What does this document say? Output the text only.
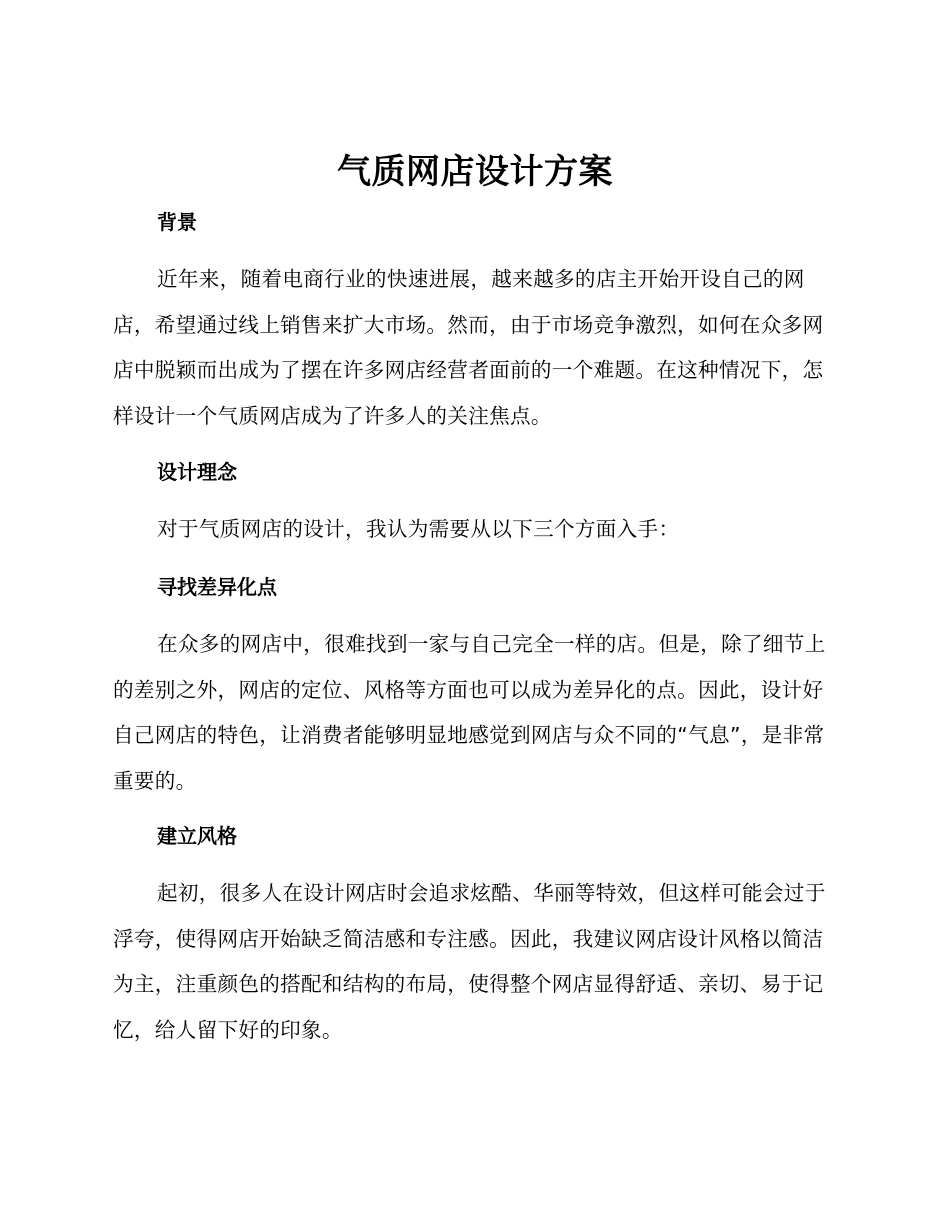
气质网店设计方案
背景

近年来，随着电商行业的快速进展，越来越多的店主开始开设自己的网店，希望通过线上销售来扩大市场。然而，由于市场竞争激烈，如何在众多网店中脱颖而出成为了摆在许多网店经营者面前的一个难题。在这种情况下，怎样设计一个气质网店成为了许多人的关注焦点。

设计理念

对于气质网店的设计，我认为需要从以下三个方面入手：

寻找差异化点

在众多的网店中，很难找到一家与自己完全一样的店。但是，除了细节上的差别之外，网店的定位、风格等方面也可以成为差异化的点。因此，设计好自己网店的特色，让消费者能够明显地感觉到网店与众不同的“气息”，是非常重要的。

建立风格

起初，很多人在设计网店时会追求炫酷、华丽等特效，但这样可能会过于浮夸，使得网店开始缺乏简洁感和专注感。因此，我建议网店设计风格以简洁为主，注重颜色的搭配和结构的布局，使得整个网店显得舒适、亲切、易于记忆，给人留下好的印象。
